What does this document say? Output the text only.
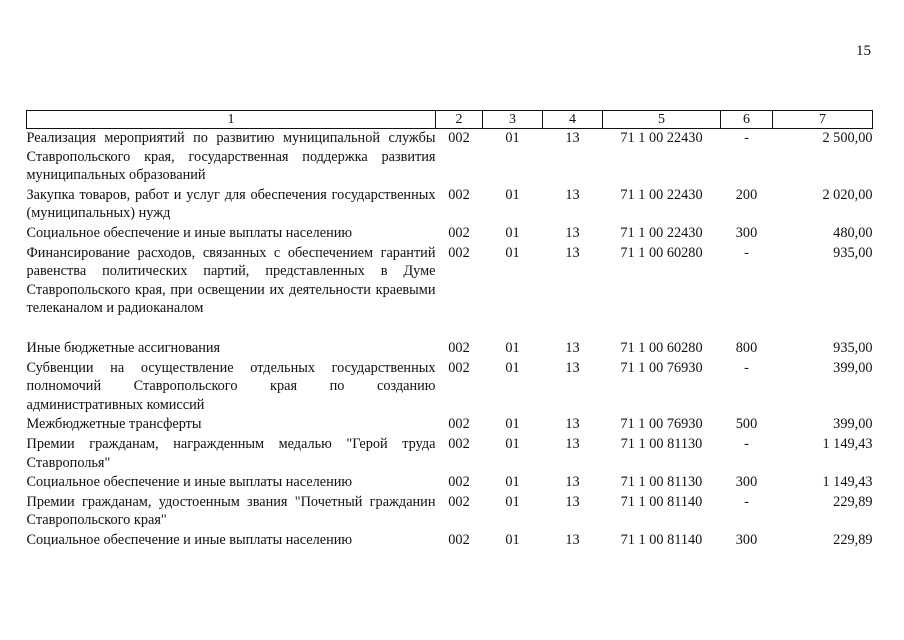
15
1	2	3	4	5	6	7
Реализация мероприятий по развитию муниципальной службы Ставропольского края, государственная поддержка развития муниципальных образований	002	01	13	71 1 00 22430	-	2 500,00
Закупка товаров, работ и услуг для обеспечения государственных (муниципальных) нужд	002	01	13	71 1 00 22430	200	2 020,00
Социальное обеспечение и иные выплаты населению	002	01	13	71 1 00 22430	300	480,00
Финансирование расходов, связанных с обеспечением гарантий равенства политических партий, представленных в Думе Ставропольского края, при освещении их деятельности краевыми телеканалом и радиоканалом	002	01	13	71 1 00 60280	-	935,00
Иные бюджетные ассигнования	002	01	13	71 1 00 60280	800	935,00
Субвенции на осуществление отдельных государственных полномочий Ставропольского края по созданию административных комиссий	002	01	13	71 1 00 76930	-	399,00
Межбюджетные трансферты	002	01	13	71 1 00 76930	500	399,00
Премии гражданам, награжденным медалью "Герой труда Ставрополья"	002	01	13	71 1 00 81130	-	1 149,43
Социальное обеспечение и иные выплаты населению	002	01	13	71 1 00 81130	300	1 149,43
Премии гражданам, удостоенным звания "Почетный гражданин Ставропольского края"	002	01	13	71 1 00 81140	-	229,89
Социальное обеспечение и иные выплаты населению	002	01	13	71 1 00 81140	300	229,89
